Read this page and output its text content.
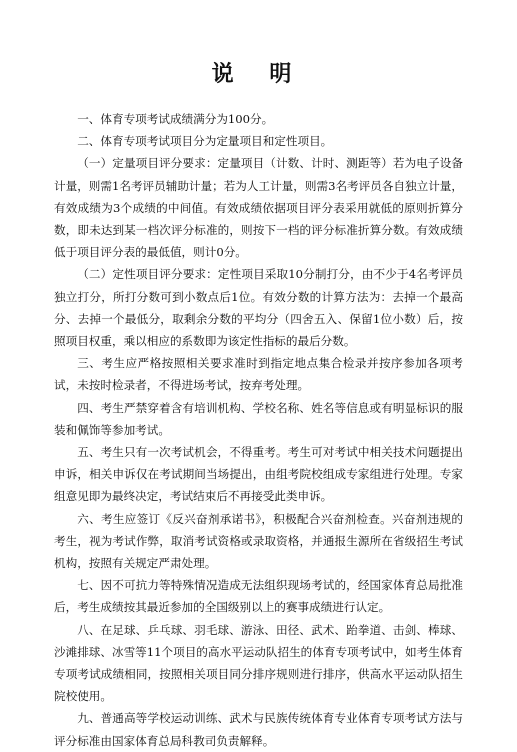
说 明

一、体育专项考试成绩满分为100分。

二、体育专项考试项目分为定量项目和定性项目。

（一）定量项目评分要求：定量项目（计数、计时、测距等）若为电子设备计量，则需1名考评员辅助计量；若为人工计量，则需3名考评员各自独立计量，有效成绩为3个成绩的中间值。有效成绩依据项目评分表采用就低的原则折算分数，即未达到某一档次评分标准的，则按下一档的评分标准折算分数。有效成绩低于项目评分表的最低值，则计0分。

（二）定性项目评分要求：定性项目采取10分制打分，由不少于4名考评员独立打分，所打分数可到小数点后1位。有效分数的计算方法为：去掉一个最高分、去掉一个最低分，取剩余分数的平均分（四舍五入、保留1位小数）后，按照项目权重，乘以相应的系数即为该定性指标的最后分数。

三、考生应严格按照相关要求准时到指定地点集合检录并按序参加各项考试，未按时检录者，不得进场考试，按弃考处理。

四、考生严禁穿着含有培训机构、学校名称、姓名等信息或有明显标识的服装和佩饰等参加考试。

五、考生只有一次考试机会，不得重考。考生可对考试中相关技术问题提出申诉，相关申诉仅在考试期间当场提出，由组考院校组成专家组进行处理。专家组意见即为最终决定，考试结束后不再接受此类申诉。

六、考生应签订《反兴奋剂承诺书》，积极配合兴奋剂检查。兴奋剂违规的考生，视为考试作弊，取消考试资格或录取资格，并通报生源所在省级招生考试机构，按照有关规定严肃处理。

七、因不可抗力等特殊情况造成无法组织现场考试的，经国家体育总局批准后，考生成绩按其最近参加的全国级别以上的赛事成绩进行认定。

八、在足球、乒乓球、羽毛球、游泳、田径、武术、跆拳道、击剑、棒球、沙滩排球、冰雪等11个项目的高水平运动队招生的体育专项考试中，如考生体育专项考试成绩相同，按照相关项目同分排序规则进行排序，供高水平运动队招生院校使用。

九、普通高等学校运动训练、武术与民族传统体育专业体育专项考试方法与评分标准由国家体育总局科教司负责解释。
